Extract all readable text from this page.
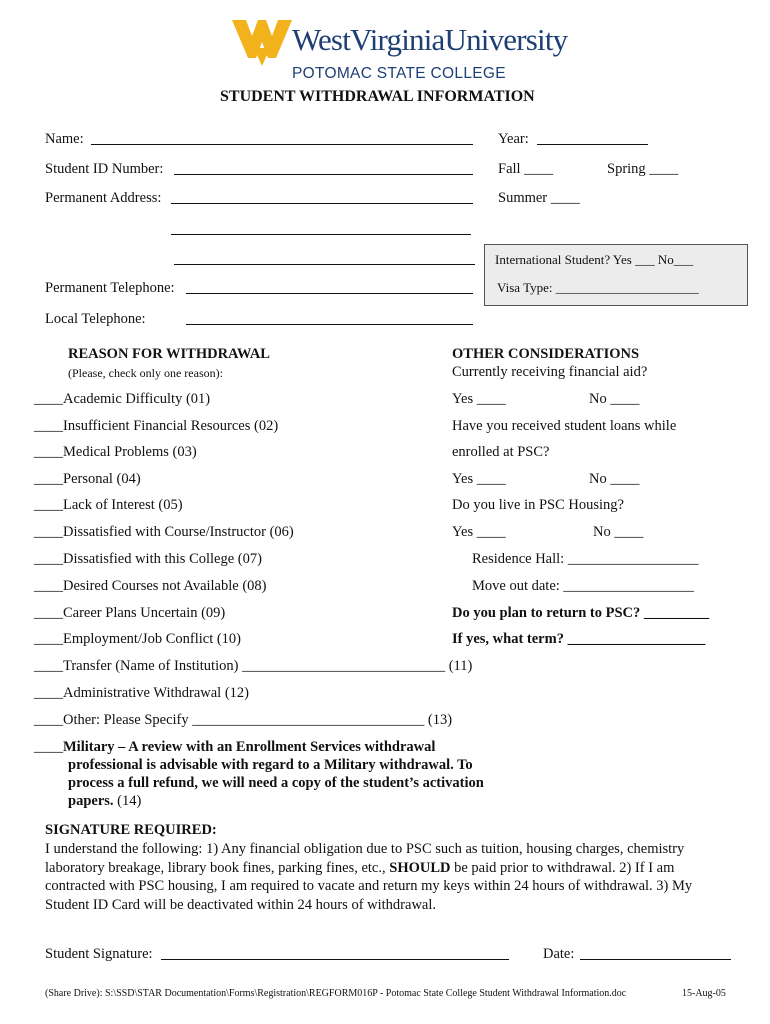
WestVirginiaUniversity
POTOMAC STATE COLLEGE
STUDENT WITHDRAWAL INFORMATION
Name:	Year:
Student ID Number:	Fall ____	Spring ____
Permanent Address:	Summer ____
Permanent Telephone:
Local Telephone:
International Student? Yes ___ No___
Visa Type: ______________________
REASON FOR WITHDRAWAL
(Please, check only one reason):
____Academic Difficulty (01)
____Insufficient Financial Resources (02)
____Medical Problems (03)
____Personal (04)
____Lack of Interest (05)
____Dissatisfied with Course/Instructor (06)
____Dissatisfied with this College (07)
____Desired Courses not Available (08)
____Career Plans Uncertain (09)
____Employment/Job Conflict (10)
____Transfer (Name of Institution) ____________________________ (11)
____Administrative Withdrawal (12)
____Other: Please Specify ________________________________ (13)
____Military – A review with an Enrollment Services withdrawal
professional is advisable with regard to a Military withdrawal. To
process a full refund, we will need a copy of the student’s activation
papers. (14)
OTHER CONSIDERATIONS
Currently receiving financial aid?
Yes ____	No ____
Have you received student loans while
enrolled at PSC?
Yes ____	No ____
Do you live in PSC Housing?
Yes ____	No ____
Residence Hall: __________________
Move out date: __________________
Do you plan to return to PSC? _________
If yes, what term? ___________________
SIGNATURE REQUIRED:
I understand the following: 1) Any financial obligation due to PSC such as tuition, housing charges, chemistry
laboratory breakage, library book fines, parking fines, etc., SHOULD be paid prior to withdrawal. 2) If I am
contracted with PSC housing, I am required to vacate and return my keys within 24 hours of withdrawal. 3) My
Student ID Card will be deactivated within 24 hours of withdrawal.
Student Signature:	Date:
(Share Drive): S:\SSD\STAR Documentation\Forms\Registration\REGFORM016P - Potomac State College Student Withdrawal Information.doc	15-Aug-05
